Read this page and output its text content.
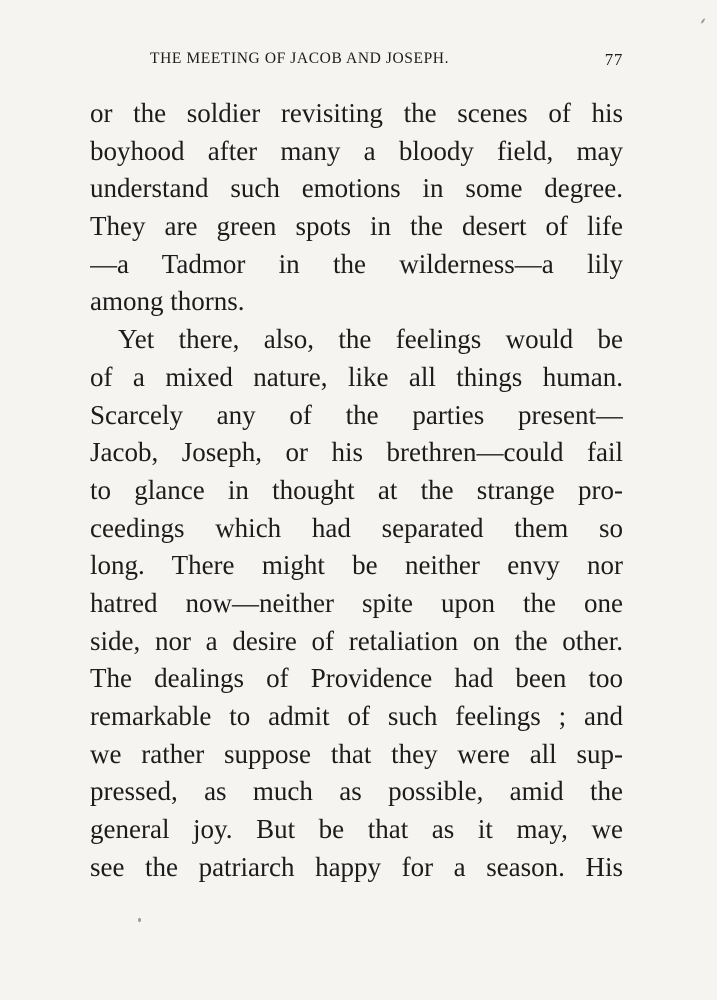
THE MEETING OF JACOB AND JOSEPH.	77
or the soldier revisiting the scenes of his
boyhood after many a bloody field, may
understand such emotions in some degree.
They are green spots in the desert of life
—a Tadmor in the wilderness—a lily
among thorns.
Yet there, also, the feelings would be
of a mixed nature, like all things human.
Scarcely any of the parties present—
Jacob, Joseph, or his brethren—could fail
to glance in thought at the strange pro-
ceedings which had separated them so
long. There might be neither envy nor
hatred now—neither spite upon the one
side, nor a desire of retaliation on the other.
The dealings of Providence had been too
remarkable to admit of such feelings ; and
we rather suppose that they were all sup-
pressed, as much as possible, amid the
general joy. But be that as it may, we
see the patriarch happy for a season. His
